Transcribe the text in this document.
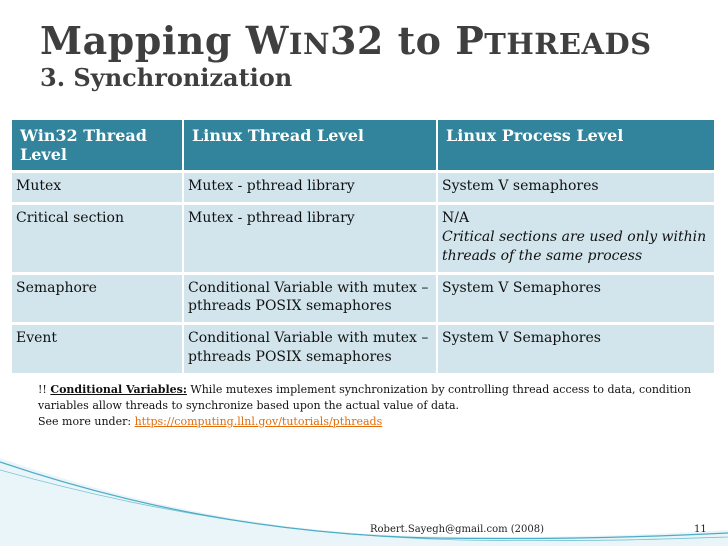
Mapping WIN32 to PTHREADS
3. Synchronization
Win32 Thread Level	Linux Thread Level	Linux Process Level
Mutex	Mutex - pthread library	System V semaphores
Critical section	Mutex - pthread library	N/A
Critical sections are used only within threads of the same process

Semaphore	Conditional Variable with mutex – pthreads POSIX semaphores	System V Semaphores
Event	Conditional Variable with mutex – pthreads POSIX semaphores	System V Semaphores
!! Conditional Variables: While mutexes implement synchronization by controlling thread access to data, condition variables allow threads to synchronize based upon the actual value of data.
See more under: https://computing.llnl.gov/tutorials/pthreads
Robert.Sayegh@gmail.com (2008)	11
